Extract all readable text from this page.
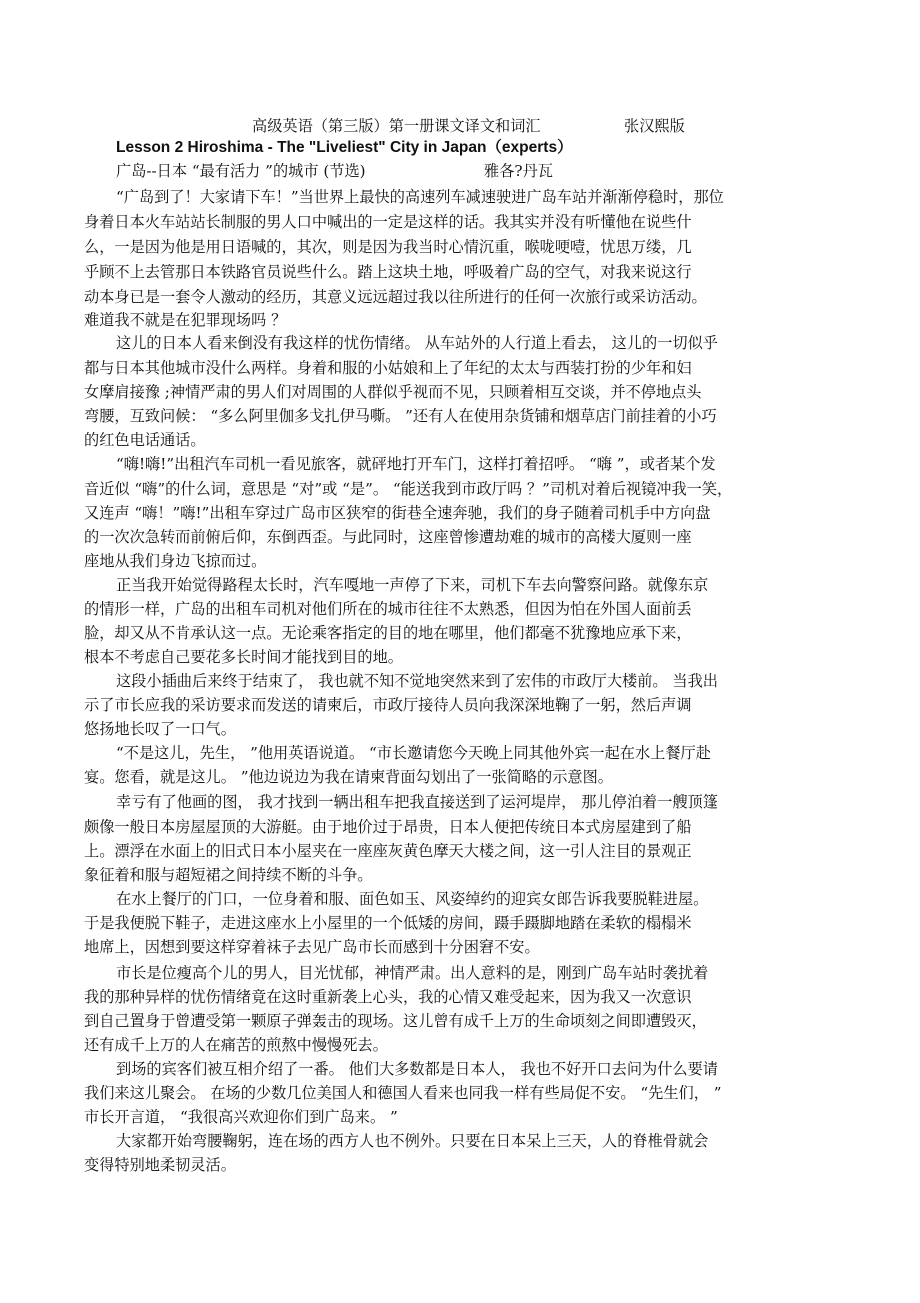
高级英语（第三版）第一册课文译文和词汇	张汉熙版
Lesson 2 Hiroshima - The "Liveliest" City in Japan（experts）
广岛--日本 “最有活力 ”的城市 (节选)	雅各?丹瓦
“广岛到了！大家请下车！”当世界上最快的高速列车减速驶进广岛车站并渐渐停稳时，那位
身着日本火车站站长制服的男人口中喊出的一定是这样的话。我其实并没有听懂他在说些什
么，一是因为他是用日语喊的，其次，则是因为我当时心情沉重，喉咙哽噎，忧思万缕，几
乎顾不上去管那日本铁路官员说些什么。踏上这块土地，呼吸着广岛的空气，对我来说这行
动本身已是一套令人激动的经历，其意义远远超过我以往所进行的任何一次旅行或采访活动。
难道我不就是在犯罪现场吗 ？
这儿的日本人看来倒没有我这样的忧伤情绪。 从车站外的人行道上看去， 这儿的一切似乎
都与日本其他城市没什么两样。身着和服的小姑娘和上了年纪的太太与西装打扮的少年和妇
女摩肩接豫 ;神情严肃的男人们对周围的人群似乎视而不见，只顾着相互交谈，并不停地点头
弯腰，互致问候： “多么阿里伽多戈扎伊马嘶。 ”还有人在使用杂货铺和烟草店门前挂着的小巧
的红色电话通话。
“嗨!嗨!”出租汽车司机一看见旅客，就砰地打开车门，这样打着招呼。 “嗨 ”，或者某个发
音近似 “嗨”的什么词，意思是 “对”或 “是”。 “能送我到市政厅吗 ？”司机对着后视镜冲我一笑，
又连声 “嗨！”嗨!”出租车穿过广岛市区狭窄的街巷全速奔驰，我们的身子随着司机手中方向盘
的一次次急转而前俯后仰，东倒西歪。与此同时，这座曾惨遭劫难的城市的高楼大厦则一座
座地从我们身边飞掠而过。
正当我开始觉得路程太长时，汽车嘎地一声停了下来，司机下车去向警察问路。就像东京
的情形一样，广岛的出租车司机对他们所在的城市往往不太熟悉，但因为怕在外国人面前丢
脸，却又从不肯承认这一点。无论乘客指定的目的地在哪里，他们都毫不犹豫地应承下来，
根本不考虑自己要花多长时间才能找到目的地。
这段小插曲后来终于结束了， 我也就不知不觉地突然来到了宏伟的市政厅大楼前。 当我出
示了市长应我的采访要求而发送的请柬后，市政厅接待人员向我深深地鞠了一躬，然后声调
悠扬地长叹了一口气。
“不是这儿，先生， ”他用英语说道。 “市长邀请您今天晚上同其他外宾一起在水上餐厅赴
宴。您看，就是这儿。 ”他边说边为我在请柬背面勾划出了一张简略的示意图。
幸亏有了他画的图， 我才找到一辆出租车把我直接送到了运河堤岸， 那儿停泊着一艘顶篷
颇像一般日本房屋屋顶的大游艇。由于地价过于昂贵，日本人便把传统日本式房屋建到了船
上。漂浮在水面上的旧式日本小屋夹在一座座灰黄色摩天大楼之间，这一引人注目的景观正
象征着和服与超短裙之间持续不断的斗争。
在水上餐厅的门口，一位身着和服、面色如玉、风姿绰约的迎宾女郎告诉我要脱鞋进屋。
于是我便脱下鞋子，走进这座水上小屋里的一个低矮的房间，蹑手蹑脚地踏在柔软的榻榻米
地席上，因想到要这样穿着袜子去见广岛市长而感到十分困窘不安。
市长是位瘦高个儿的男人，目光忧郁，神情严肃。出人意料的是，刚到广岛车站时袭扰着
我的那种异样的忧伤情绪竟在这时重新袭上心头，我的心情又难受起来，因为我又一次意识
到自己置身于曾遭受第一颗原子弹轰击的现场。这儿曾有成千上万的生命顷刻之间即遭毁灭，
还有成千上万的人在痛苦的煎熬中慢慢死去。
到场的宾客们被互相介绍了一番。 他们大多数都是日本人， 我也不好开口去问为什么要请
我们来这儿聚会。 在场的少数几位美国人和德国人看来也同我一样有些局促不安。 “先生们， ”
市长开言道， “我很高兴欢迎你们到广岛来。 ”
大家都开始弯腰鞠躬，连在场的西方人也不例外。只要在日本呆上三天，人的脊椎骨就会
变得特别地柔韧灵活。
